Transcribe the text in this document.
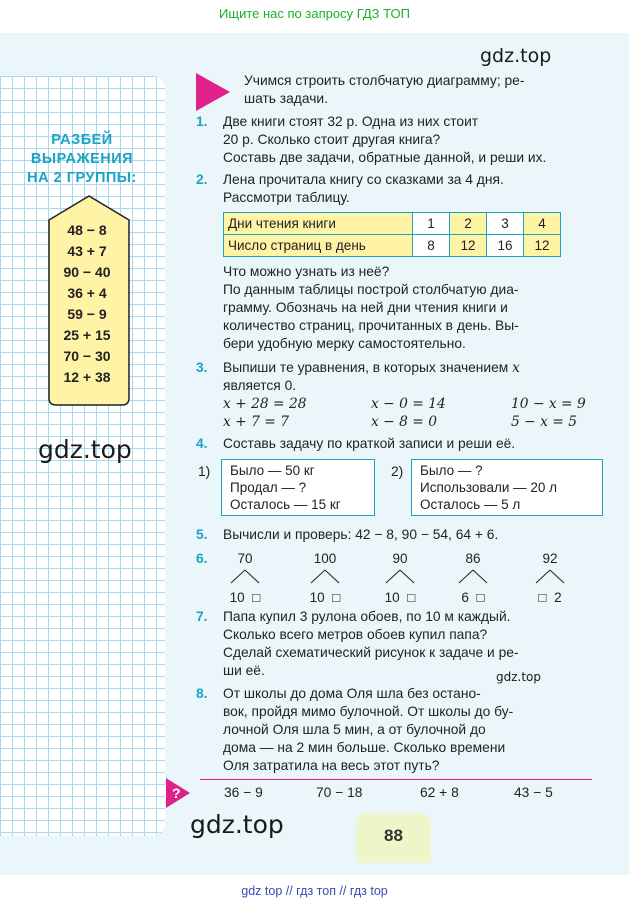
Ищите нас по запросу ГДЗ ТОП
РАЗБЕЙ
ВЫРАЖЕНИЯ
НА 2 ГРУППЫ:
48 − 8
43 + 7
90 − 40
36 + 4
59 − 9
25 + 15
70 − 30
12 + 38
gdz.top
gdz.top
gdz.top
gdz.top
Учимся строить столбчатую диаграмму; ре-
шать задачи.
1. Две книги стоят 32 р. Одна из них стоит
20 р. Сколько стоит другая книга?
Составь две задачи, обратные данной, и реши их.
2. Лена прочитала книгу со сказками за 4 дня.
Рассмотри таблицу.
Дни чтения книги	1	2	3	4
Число страниц в день	8	12	16	12
Что можно узнать из неё?
По данным таблицы построй столбчатую диа-
грамму. Обозначь на ней дни чтения книги и
количество страниц, прочитанных в день. Вы-
бери удобную мерку самостоятельно.
3. Выпиши те уравнения, в которых значением x
является 0.
x + 28 = 28	x − 0 = 14	10 − x = 9
x + 7 = 7	x − 8 = 0	5 − x = 5
4. Составь задачу по краткой записи и реши её.
1) Было — 50 кг
Продал — ?
Осталось — 15 кг
2) Было — ?
Использовали — 20 л
Осталось — 5 л
5. Вычисли и проверь: 42 − 8, 90 − 54, 64 + 6.
6.	70
10 □
100
10 □
90
10 □
86
6 □
92
□ 2
7. Папа купил 3 рулона обоев, по 10 м каждый.
Сколько всего метров обоев купил папа?
Сделай схематический рисунок к задаче и ре-
ши её.
8. От школы до дома Оля шла без остано-
вок, пройдя мимо булочной. От школы до бу-
лочной Оля шла 5 мин, а от булочной до
дома — на 2 мин больше. Сколько времени
Оля затратила на весь этот путь?
36 − 9	70 − 18	62 + 8	43 − 5
?
88
gdz top // гдз топ // гдз top
